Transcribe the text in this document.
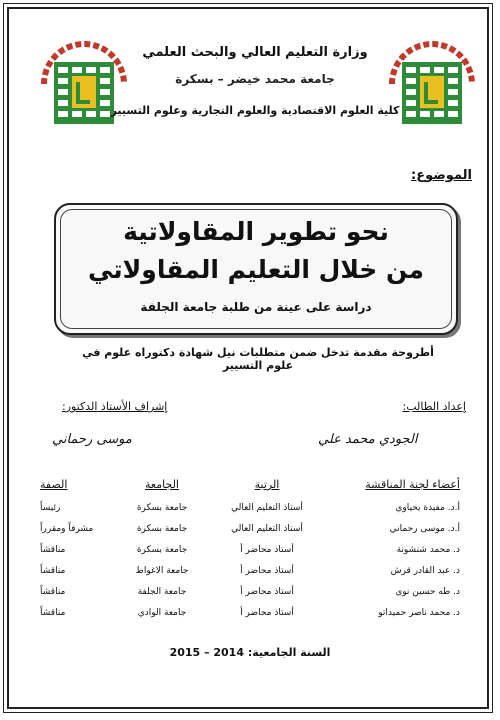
وزارة التعليم العالي والبحث العلمي
جامعة محمد خيضر – بسكرة
كلية العلوم الاقتصادية والعلوم التجارية وعلوم التسيير
الموضوع:
نحو تطوير المقاولاتية
من خلال التعليم المقاولاتي
دراسة على عينة من طلبة جامعة الجلفة
أطروحة مقدمة تدخل ضمن متطلبات نيل شهادة دكتوراه علوم في علوم التسيير
إعداد الطالب:
إشراف الأستاذ الدكتور:
الجودي محمد علي
موسى رحماني
أعضاء لجنة المناقشة	الرتبة	الجامعة	الصفة
أ.د. مفيدة يحياوي	أستاذ التعليم العالي	جامعة بسكرة	رئيساً
أ.د. موسى رحماني	أستاذ التعليم العالي	جامعة بسكرة	مشرفاً ومقرراً
د. محمد شنشونة	أستاذ محاضر أ	جامعة بسكرة	مناقشاً
د. عبد القادر قرش	أستاذ محاضر أ	جامعة الاغواط	مناقشاً
د. طه حسين نوي	أستاذ محاضر أ	جامعة الجلفة	مناقشاً
د. محمد ناصر حميداتو	أستاذ محاضر أ	جامعة الوادي	مناقشاً
السنة الجامعية: 2014 – 2015
